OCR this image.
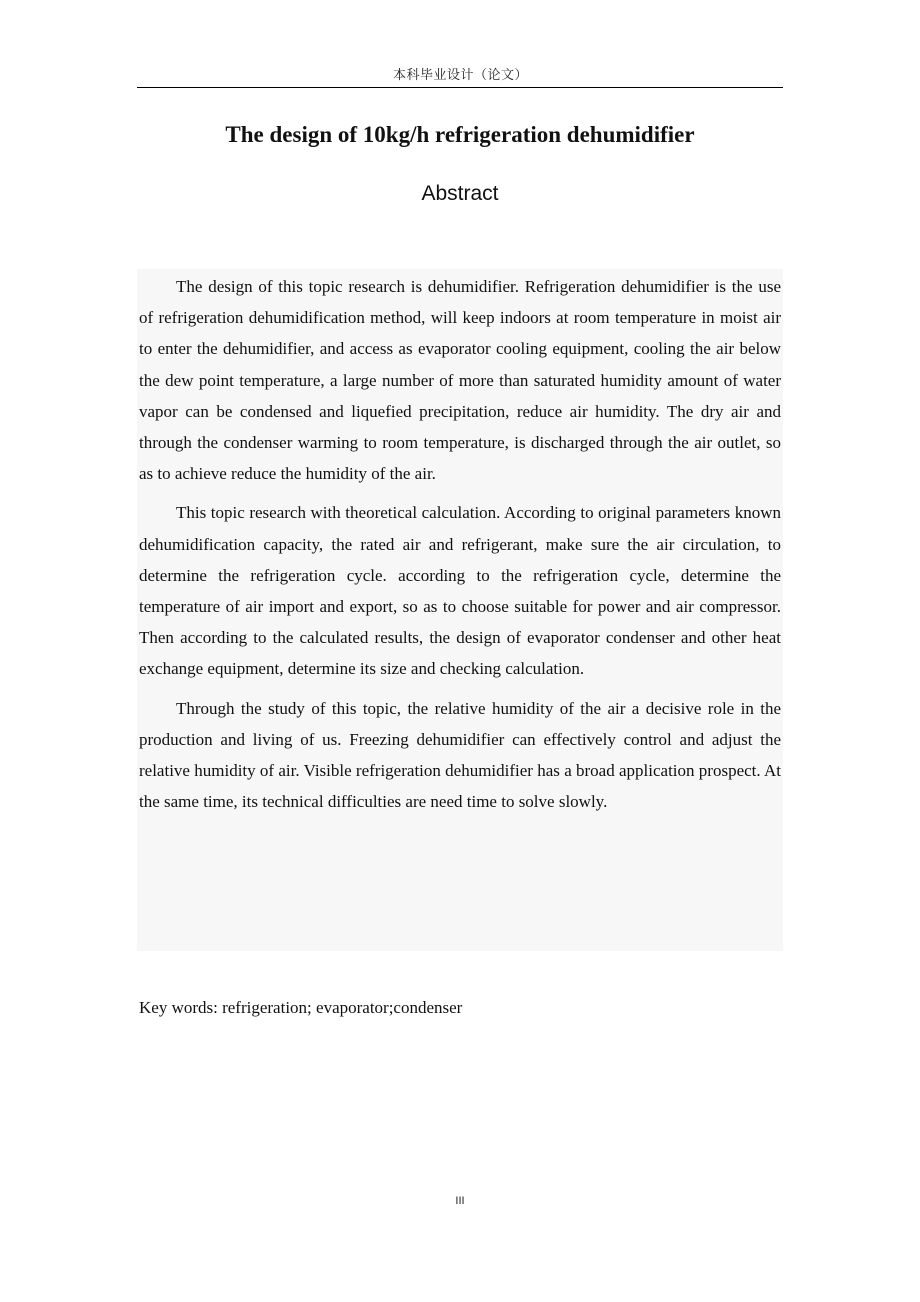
本科毕业设计（论文）
The design of 10kg/h refrigeration dehumidifier
Abstract

The design of this topic research is dehumidifier. Refrigeration dehumidifier is the use of refrigeration dehumidification method, will keep indoors at room temperature in moist air to enter the dehumidifier, and access as evaporator cooling equipment, cooling the air below the dew point temperature, a large number of more than saturated humidity amount of water vapor can be condensed and liquefied precipitation, reduce air humidity. The dry air and through the condenser warming to room temperature, is discharged through the air outlet, so as to achieve reduce the humidity of the air.

This topic research with theoretical calculation. According to original parameters known dehumidification capacity, the rated air and refrigerant, make sure the air circulation, to determine the refrigeration cycle. according to the refrigeration cycle, determine the temperature of air import and export, so as to choose suitable for power and air compressor. Then according to the calculated results, the design of evaporator condenser and other heat exchange equipment, determine its size and checking calculation.

Through the study of this topic, the relative humidity of the air a decisive role in the production and living of us. Freezing dehumidifier can effectively control and adjust the relative humidity of air. Visible refrigeration dehumidifier has a broad application prospect. At the same time, its technical difficulties are need time to solve slowly.

Key words: refrigeration; evaporator;condenser

III
